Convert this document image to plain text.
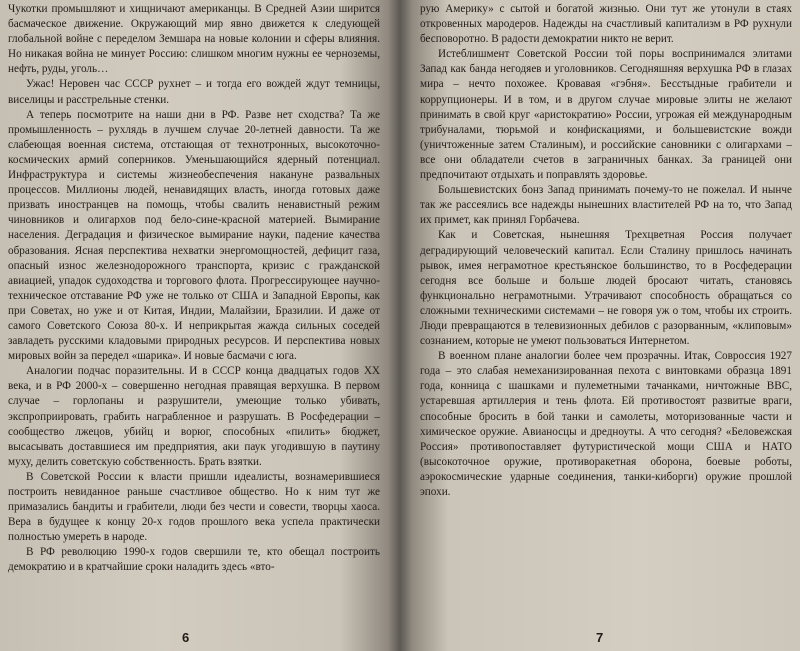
Чукотки промышляют и хищничают американцы. В Средней Азии ширится басмаческое движение. Окружающий мир явно движется к следующей глобальной войне с переделом Земшара на новые колонии и сферы влияния. Но никакая война не минует Россию: слишком многим нужны ее черноземы, нефть, руды, уголь…

Ужас! Неровен час СССР рухнет – и тогда его вождей ждут темницы, виселицы и расстрельные стенки.

А теперь посмотрите на наши дни в РФ. Разве нет сходства? Та же промышленность – рухлядь в лучшем случае 20-летней давности. Та же слабеющая военная система, отстающая от технотронных, высокоточно-космических армий соперников. Уменьшающийся ядерный потенциал. Инфраструктура и системы жизнеобеспечения накануне развальных процессов. Миллионы людей, ненавидящих власть, иногда готовых даже призвать иностранцев на помощь, чтобы свалить ненавистный режим чиновников и олигархов под бело-сине-красной материей. Вымирание населения. Деградация и физическое вымирание науки, падение качества образования. Ясная перспектива нехватки энергомощностей, дефицит газа, опасный износ железнодорожного транспорта, кризис с гражданской авиацией, упадок судоходства и торгового флота. Прогрессирующее научно-техническое отставание РФ уже не только от США и Западной Европы, как при Советах, но уже и от Китая, Индии, Малайзии, Бразилии. И даже от самого Советского Союза 80-х. И неприкрытая жажда сильных соседей завладеть русскими кладовыми природных ресурсов. И перспектива новых мировых войн за передел «шарика». И новые басмачи с юга.

Аналогии подчас поразительны. И в СССР конца двадцатых годов XX века, и в РФ 2000-х – совершенно негодная правящая верхушка. В первом случае – горлопаны и разрушители, умеющие только убивать, экспроприировать, грабить награбленное и разрушать. В Росфедерации – сообщество лжецов, убийц и ворюг, способных «пилить» бюджет, высасывать доставшиеся им предприятия, аки паук угодившую в паутину муху, делить советскую собственность. Брать взятки.

В Советской России к власти пришли идеалисты, вознамерившиеся построить невиданное раньше счастливое общество. Но к ним тут же примазались бандиты и грабители, люди без чести и совести, творцы хаоса. Вера в будущее к концу 20-х годов прошлого века успела практически полностью умереть в народе.

В РФ революцию 1990-х годов свершили те, кто обещал построить демократию и в кратчайшие сроки наладить здесь «вто-

6

рую Америку» с сытой и богатой жизнью. Они тут же утонули в стаях откровенных мародеров. Надежды на счастливый капитализм в РФ рухнули бесповоротно. В радости демократии никто не верит.

Истеблишмент Советской России той поры воспринимался элитами Запад как банда негодяев и уголовников. Сегодняшняя верхушка РФ в глазах мира – нечто похожее. Кровавая «гэбня». Бесстыдные грабители и коррупционеры. И в том, и в другом случае мировые элиты не желают принимать в свой круг «аристократию» России, угрожая ей международным трибуналами, тюрьмой и конфискациями, и большевистские вожди (уничтоженные затем Сталиным), и российские сановники с олигархами – все они обладатели счетов в заграничных банках. За границей они предпочитают отдыхать и поправлять здоровье.

Большевистских бонз Запад принимать почему-то не пожелал. И нынче так же рассеялись все надежды нынешних властителей РФ на то, что Запад их примет, как принял Горбачева.

Как и Советская, нынешняя Трехцветная Россия получает деградирующий человеческий капитал. Если Сталину пришлось начинать рывок, имея неграмотное крестьянское большинство, то в Росфедерации сегодня все больше и больше людей бросают читать, становясь функционально неграмотными. Утрачивают способность обращаться со сложными техническими системами – не говоря уж о том, чтобы их строить. Люди превращаются в телевизионных дебилов с разорванным, «клиповым» сознанием, которые не умеют пользоваться Интернетом.

В военном плане аналогии более чем прозрачны. Итак, Совроссия 1927 года – это слабая немеханизированная пехота с винтовками образца 1891 года, конница с шашками и пулеметными тачанками, ничтожные ВВС, устаревшая артиллерия и тень флота. Ей противостоят развитые враги, способные бросить в бой танки и самолеты, моторизованные части и химическое оружие. Авианосцы и дредноуты. А что сегодня? «Беловежская Россия» противопоставляет футуристической мощи США и НАТО (высокоточное оружие, противоракетная оборона, боевые роботы, аэрокосмические ударные соединения, танки-киборги) оружие прошлой эпохи.

7
